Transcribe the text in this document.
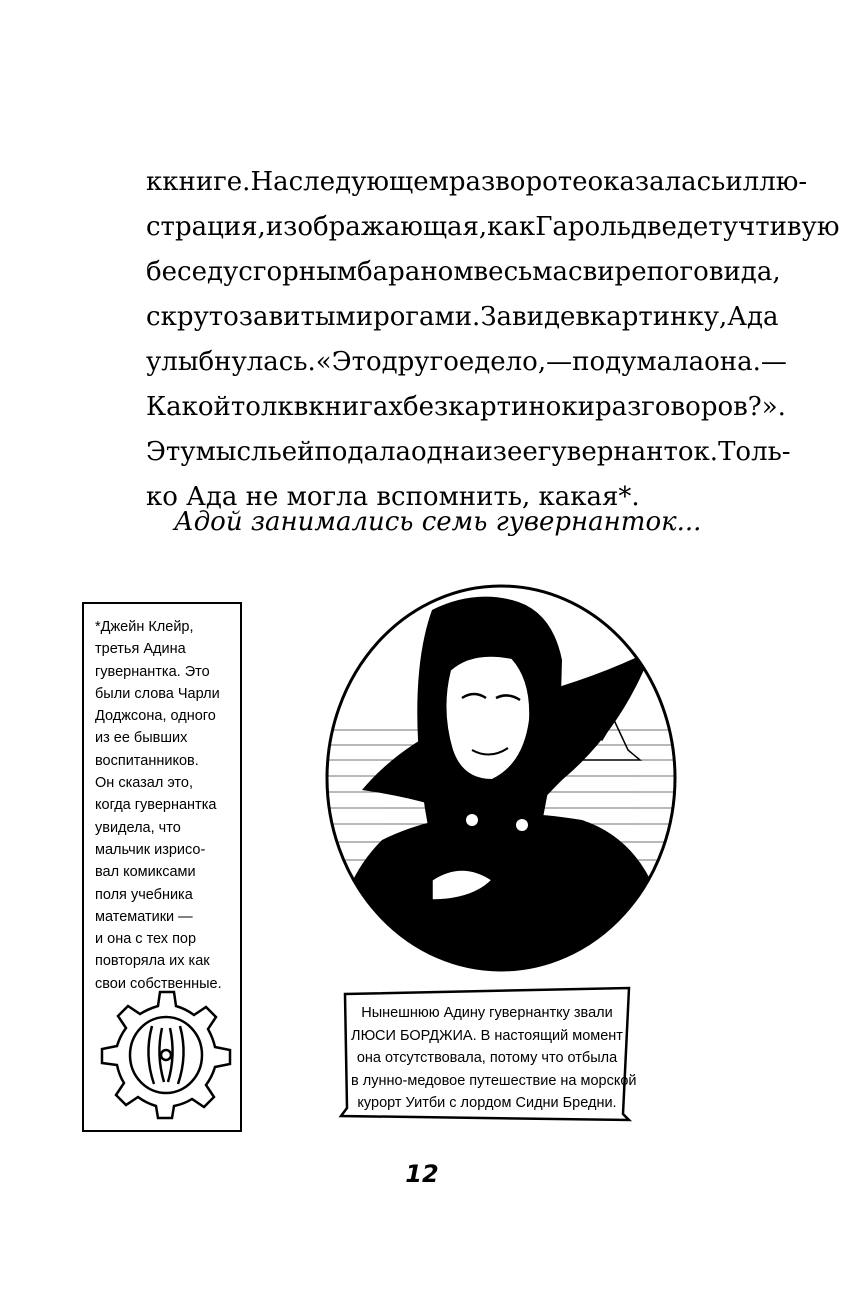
к книге. На следующем развороте оказалась иллю-
страция, изображающая, как Гарольд ведет учтивую
беседу с горным бараном весьма свирепого вида,
с круто завитыми рогами. Завидев картинку, Ада
улыбнулась. «Это другое дело, — подумала она. —
Какой толк в книгах без картинок и разговоров?».
Эту мысль ей подала одна из ее гувернанток. Толь-
ко Ада не могла вспомнить, какая*.
Адой занимались семь гувернанток...
*Джейн Клейр,
третья Адина
гувернантка. Это
были слова Чарли
Доджсона, одного
из ее бывших
воспитанников.
Он сказал это,
когда гувернантка
увидела, что
мальчик изрисо-
вал комиксами
поля учебника
математики —
и она с тех пор
повторяла их как
свои собственные.
Нынешнюю Адину гувернантку звали
ЛЮСИ БОРДЖИА. В настоящий момент
она отсутствовала, потому что отбыла
в лунно-медовое путешествие на морской
курорт Уитби с лордом Сидни Бредни.
12
